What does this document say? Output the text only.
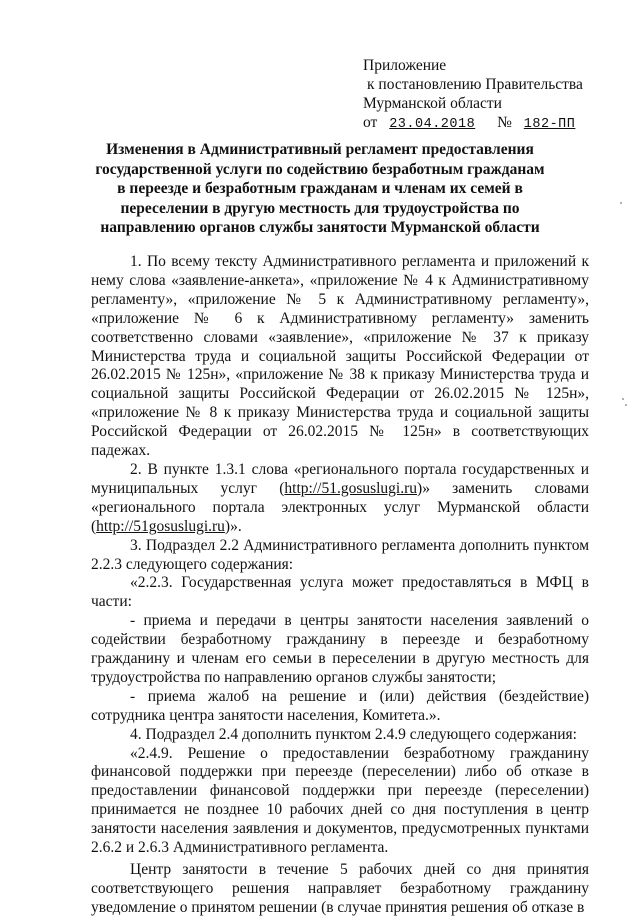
Приложение
к постановлению Правительства
Мурманской области
от 23.04.2018 № 182-ПП
Изменения в Административный регламент предоставления государственной услуги по содействию безработным гражданам в переезде и безработным гражданам и членам их семей в переселении в другую местность для трудоустройства по направлению органов службы занятости Мурманской области

1. По всему тексту Административного регламента и приложений к нему слова «заявление-анкета», «приложение № 4 к Административному регламенту», «приложение № 5 к Административному регламенту», «приложение № 6 к Административному регламенту» заменить соответственно словами «заявление», «приложение № 37 к приказу Министерства труда и социальной защиты Российской Федерации от 26.02.2015 № 125н», «приложение № 38 к приказу Министерства труда и социальной защиты Российской Федерации от 26.02.2015 № 125н», «приложение № 8 к приказу Министерства труда и социальной защиты Российской Федерации от 26.02.2015 № 125н» в соответствующих падежах.

2. В пункте 1.3.1 слова «регионального портала государственных и муниципальных услуг (http://51.gosuslugi.ru)» заменить словами «регионального портала электронных услуг Мурманской области (http://51gosuslugi.ru)».

3. Подраздел 2.2 Административного регламента дополнить пунктом 2.2.3 следующего содержания:

«2.2.3. Государственная услуга может предоставляться в МФЦ в части:

- приема и передачи в центры занятости населения заявлений о содействии безработному гражданину в переезде и безработному гражданину и членам его семьи в переселении в другую местность для трудоустройства по направлению органов службы занятости;

- приема жалоб на решение и (или) действия (бездействие) сотрудника центра занятости населения, Комитета.».

4. Подраздел 2.4 дополнить пунктом 2.4.9 следующего содержания:

«2.4.9. Решение о предоставлении безработному гражданину финансовой поддержки при переезде (переселении) либо об отказе в предоставлении финансовой поддержки при переезде (переселении) принимается не позднее 10 рабочих дней со дня поступления в центр занятости населения заявления и документов, предусмотренных пунктами 2.6.2 и 2.6.3 Административного регламента.

Центр занятости в течение 5 рабочих дней со дня принятия соответствующего решения направляет безработному гражданину уведомление о принятом решении (в случае принятия решения об отказе в
